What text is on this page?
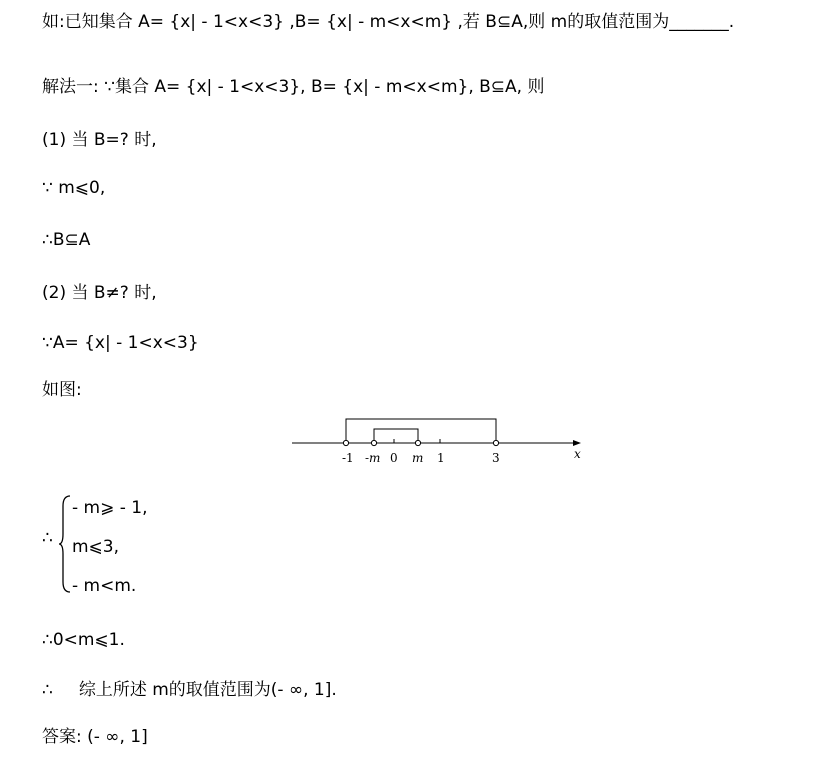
如:已知集合 A= {x| - 1<x<3} ,B= {x| - m<x<m} ,若 B⊆A,则 m的取值范围为_______.
解法一: ∵集合 A= {x| - 1<x<3}, B= {x| - m<x<m}, B⊆A, 则
(1) 当 B=? 时,
∵ m⩽0,
∴B⊆A
(2) 当 B≠? 时,
∵A= {x| - 1<x<3}
如图:
-1 -m 0 m 1	3	x
∴
- m⩾ - 1,
m⩽3,
- m<m.
∴0<m⩽1.
∴ 综上所述 m的取值范围为(- ∞, 1].
答案: (- ∞, 1]
